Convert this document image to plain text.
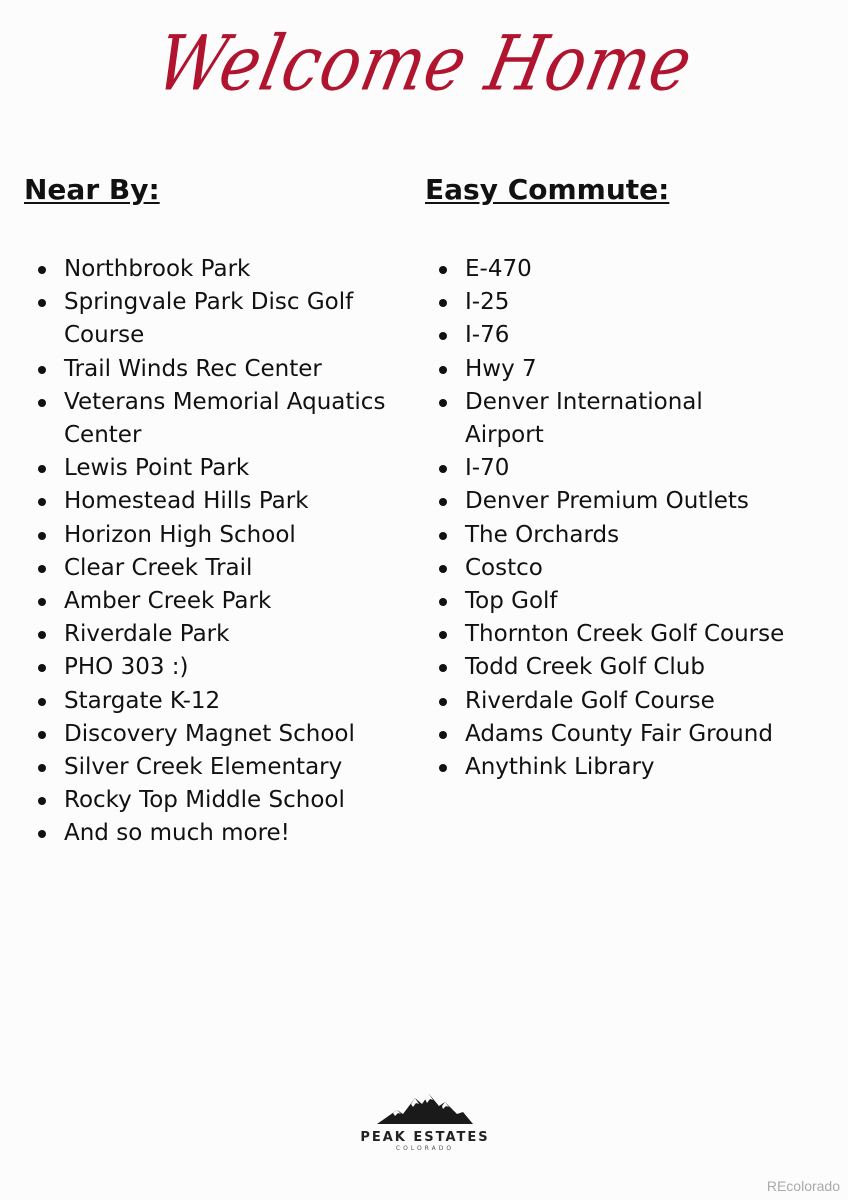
Welcome Home
Near By:
Northbrook Park
Springvale Park Disc Golf Course
Trail Winds Rec Center
Veterans Memorial Aquatics Center
Lewis Point Park
Homestead Hills Park
Horizon High School
Clear Creek Trail
Amber Creek Park
Riverdale Park
PHO 303 :)
Stargate K-12
Discovery Magnet School
Silver Creek Elementary
Rocky Top Middle School
And so much more!
Easy Commute:
E-470
I-25
I-76
Hwy 7
Denver International Airport
I-70
Denver Premium Outlets
The Orchards
Costco
Top Golf
Thornton Creek Golf Course
Todd Creek Golf Club
Riverdale Golf Course
Adams County Fair Ground
Anythink Library
PEAK ESTATES
COLORADO
REcolorado
